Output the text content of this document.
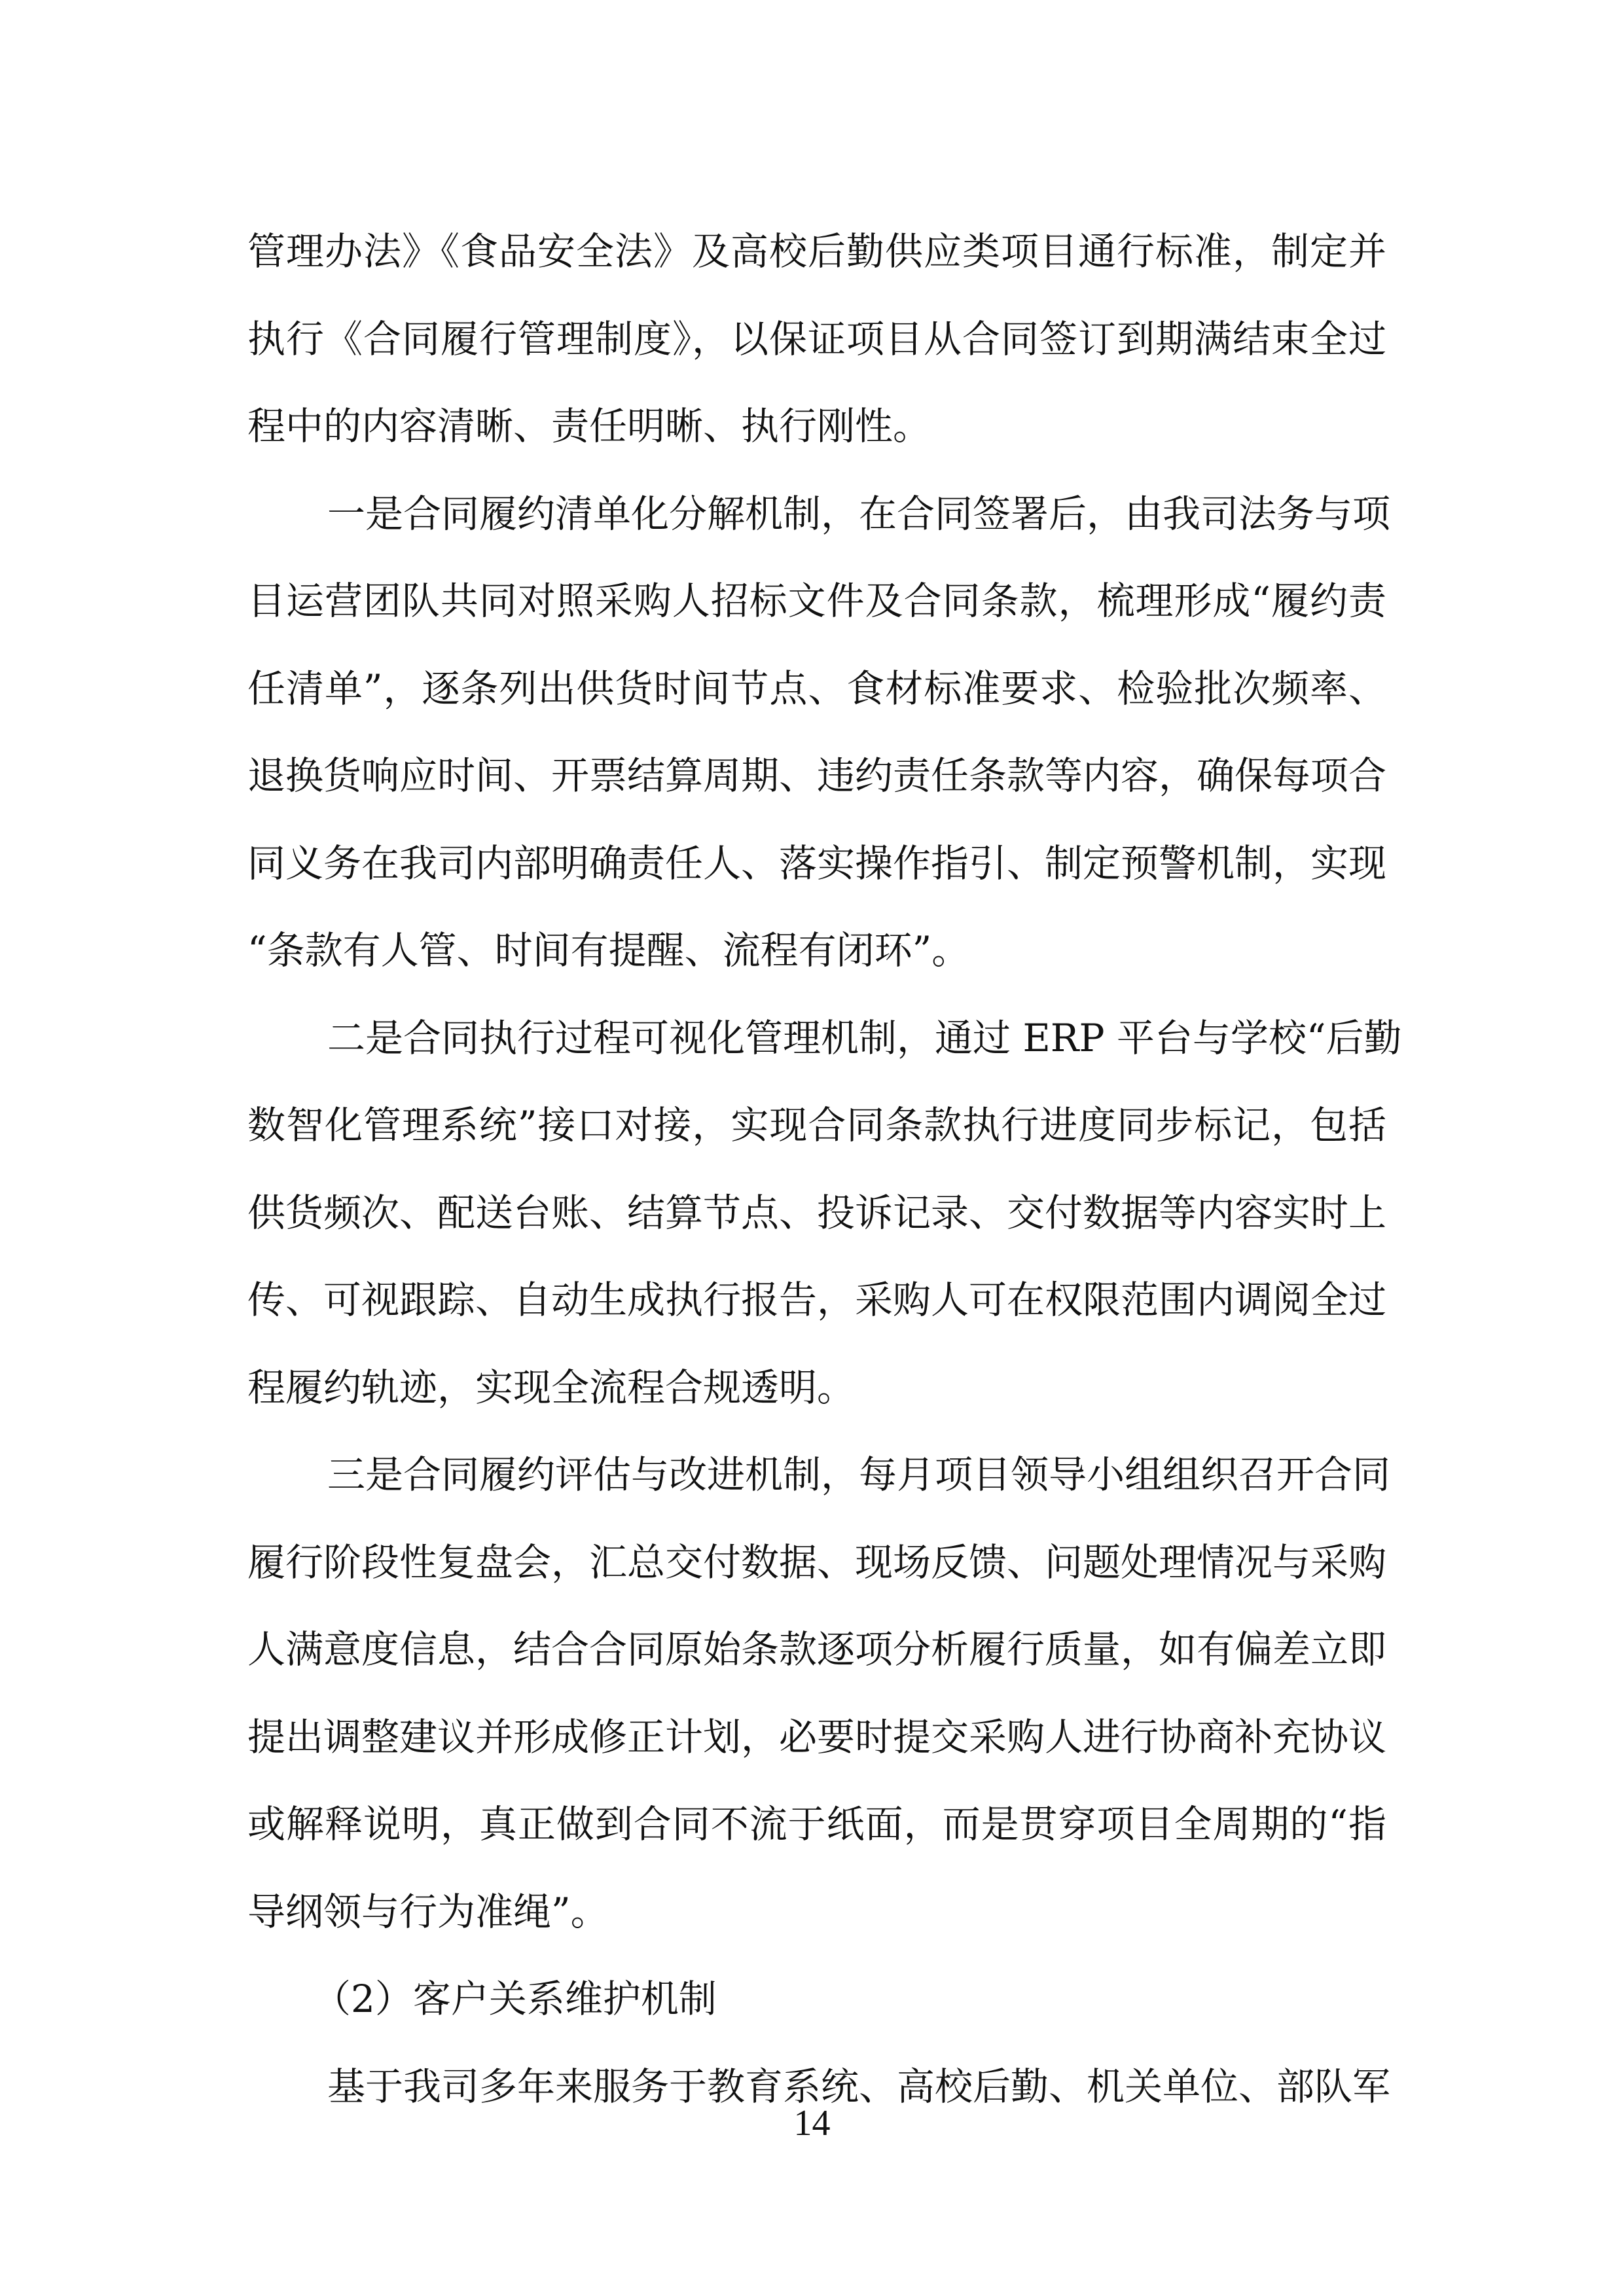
管理办法》《食品安全法》及高校后勤供应类项目通行标准，制定并
执行《合同履行管理制度》，以保证项目从合同签订到期满结束全过
程中的内容清晰、责任明晰、执行刚性。
一是合同履约清单化分解机制，在合同签署后，由我司法务与项
目运营团队共同对照采购人招标文件及合同条款，梳理形成“履约责
任清单”，逐条列出供货时间节点、食材标准要求、检验批次频率、
退换货响应时间、开票结算周期、违约责任条款等内容，确保每项合
同义务在我司内部明确责任人、落实操作指引、制定预警机制，实现
“条款有人管、时间有提醒、流程有闭环”。
二是合同执行过程可视化管理机制，通过 ERP 平台与学校“后勤
数智化管理系统”接口对接，实现合同条款执行进度同步标记，包括
供货频次、配送台账、结算节点、投诉记录、交付数据等内容实时上
传、可视跟踪、自动生成执行报告，采购人可在权限范围内调阅全过
程履约轨迹，实现全流程合规透明。
三是合同履约评估与改进机制，每月项目领导小组组织召开合同
履行阶段性复盘会，汇总交付数据、现场反馈、问题处理情况与采购
人满意度信息，结合合同原始条款逐项分析履行质量，如有偏差立即
提出调整建议并形成修正计划，必要时提交采购人进行协商补充协议
或解释说明，真正做到合同不流于纸面，而是贯穿项目全周期的“指
导纲领与行为准绳”。
（2）客户关系维护机制
基于我司多年来服务于教育系统、高校后勤、机关单位、部队军
14
